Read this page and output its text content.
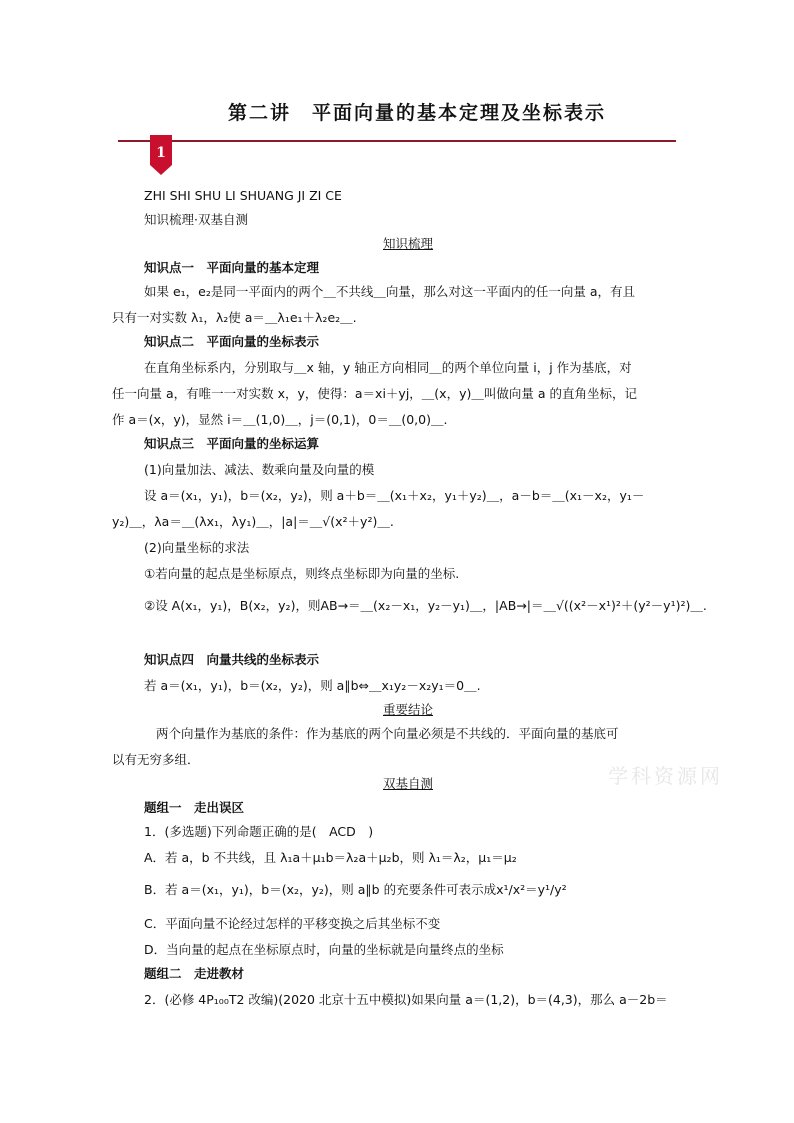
第二讲　平面向量的基本定理及坐标表示
1
ZHI SHI SHU LI SHUANG JI ZI CE
知识梳理·双基自测
知识梳理
知识点一　平面向量的基本定理
如果 e₁，e₂是同一平面内的两个＿不共线＿向量，那么对这一平面内的任一向量 a，有且
只有一对实数 λ₁，λ₂使 a＝＿λ₁e₁＋λ₂e₂＿.
知识点二　平面向量的坐标表示
在直角坐标系内，分别取与＿x 轴，y 轴正方向相同＿的两个单位向量 i，j 作为基底，对
任一向量 a，有唯一一对实数 x，y，使得：a＝xi＋yj，＿(x，y)＿叫做向量 a 的直角坐标，记
作 a＝(x，y)，显然 i＝＿(1,0)＿，j＝(0,1)，0＝＿(0,0)＿.
知识点三　平面向量的坐标运算
(1)向量加法、减法、数乘向量及向量的模
设 a＝(x₁，y₁)，b＝(x₂，y₂)，则 a＋b＝＿(x₁＋x₂，y₁＋y₂)＿，a－b＝＿(x₁－x₂，y₁－
y₂)＿，λa＝＿(λx₁，λy₁)＿，|a|＝＿√(x²＋y²)＿.
(2)向量坐标的求法
①若向量的起点是坐标原点，则终点坐标即为向量的坐标.
②设 A(x₁，y₁)，B(x₂，y₂)，则AB→＝＿(x₂－x₁，y₂－y₁)＿，|AB→|＝＿√((x²－x¹)²＋(y²－y¹)²)＿.
知识点四　向量共线的坐标表示
若 a＝(x₁，y₁)，b＝(x₂，y₂)，则 a∥b⇔＿x₁y₂－x₂y₁＝0＿.
重要结论
两个向量作为基底的条件：作为基底的两个向量必须是不共线的．平面向量的基底可
以有无穷多组．
学科资源网
双基自测
题组一　走出误区
1．(多选题)下列命题正确的是(　ACD　)
A．若 a，b 不共线，且 λ₁a＋μ₁b＝λ₂a＋μ₂b，则 λ₁＝λ₂，μ₁＝μ₂
B．若 a＝(x₁，y₁)，b＝(x₂，y₂)，则 a∥b 的充要条件可表示成x¹/x²＝y¹/y²
C．平面向量不论经过怎样的平移变换之后其坐标不变
D．当向量的起点在坐标原点时，向量的坐标就是向量终点的坐标
题组二　走进教材
2．(必修 4P₁₀₀T2 改编)(2020 北京十五中模拟)如果向量 a＝(1,2)，b＝(4,3)，那么 a－2b＝
